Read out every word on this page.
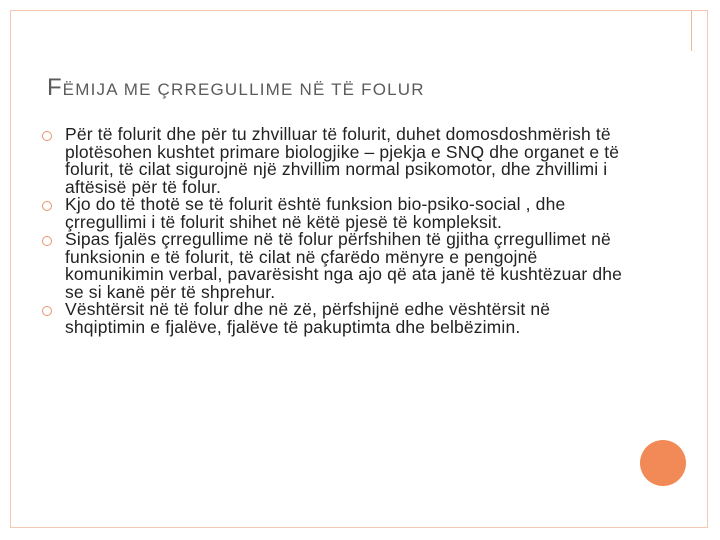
FËMIJA ME ÇRREGULLIME NË TË FOLUR
Për të folurit dhe për tu zhvilluar të folurit, duhet domosdoshmërish të plotësohen kushtet primare biologjike – pjekja e SNQ dhe organet e të folurit, të cilat sigurojnë një zhvillim normal psikomotor, dhe zhvillimi i aftësisë për të folur.
Kjo do të thotë se të folurit është funksion bio-psiko-social , dhe çrregullimi i të folurit shihet në këtë pjesë të kompleksit.
Sipas fjalës çrregullime në të folur përfshihen të gjitha çrregullimet në funksionin e të folurit, të cilat në çfarëdo mënyre e pengojnë komunikimin verbal, pavarësisht nga ajo që ata janë të kushtëzuar dhe se si kanë për të shprehur.
Vështërsit në të folur dhe në zë, përfshijnë edhe vështërsit në shqiptimin e fjalëve, fjalëve të pakuptimta dhe belbëzimin.
